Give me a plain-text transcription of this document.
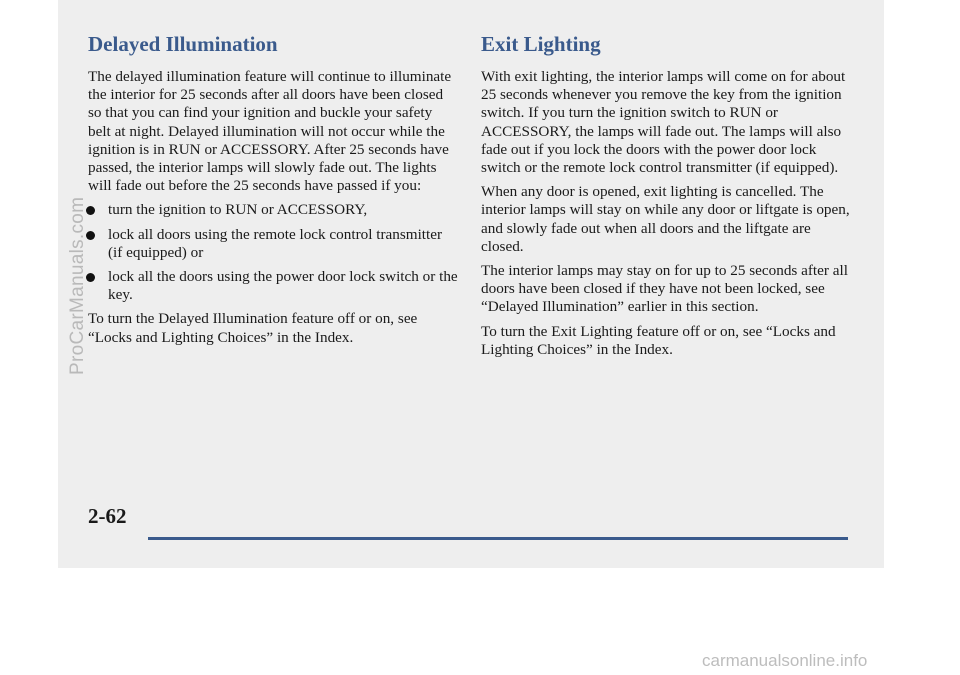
Delayed Illumination

The delayed illumination feature will continue to illuminate the interior for 25 seconds after all doors have been closed so that you can find your ignition and buckle your safety belt at night. Delayed illumination will not occur while the ignition is in RUN or ACCESSORY. After 25 seconds have passed, the interior lamps will slowly fade out. The lights will fade out before the 25 seconds have passed if you:

turn the ignition to RUN or ACCESSORY,
lock all doors using the remote lock control transmitter (if equipped) or
lock all the doors using the power door lock switch or the key.

To turn the Delayed Illumination feature off or on, see “Locks and Lighting Choices” in the Index.

Exit Lighting

With exit lighting, the interior lamps will come on for about 25 seconds whenever you remove the key from the ignition switch. If you turn the ignition switch to RUN or ACCESSORY, the lamps will fade out. The lamps will also fade out if you lock the doors with the power door lock switch or the remote lock control transmitter (if equipped).

When any door is opened, exit lighting is cancelled. The interior lamps will stay on while any door or liftgate is open, and slowly fade out when all doors and the liftgate are closed.

The interior lamps may stay on for up to 25 seconds after all doors have been closed if they have not been locked, see “Delayed Illumination” earlier in this section.

To turn the Exit Lighting feature off or on, see “Locks and Lighting Choices” in the Index.

2-62
ProCarManuals.com
carmanualsonline.info
